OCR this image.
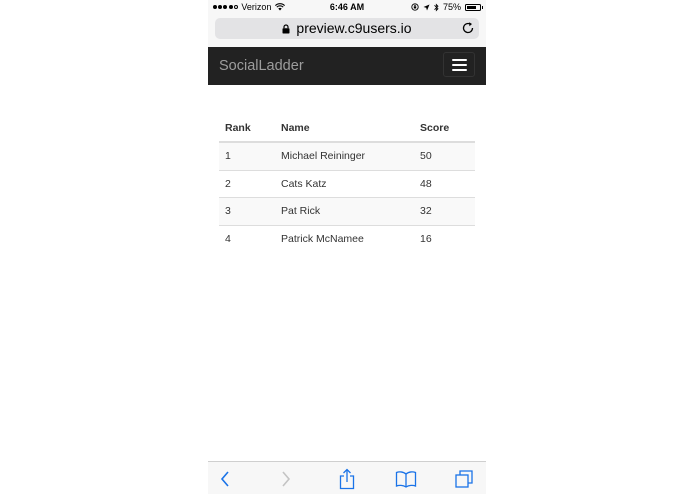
Verizon	6:46 AM	75%
preview.c9users.io
SocialLadder
Rank	Name	Score
1	Michael Reininger	50
2	Cats Katz	48
3	Pat Rick	32
4	Patrick McNamee	16
